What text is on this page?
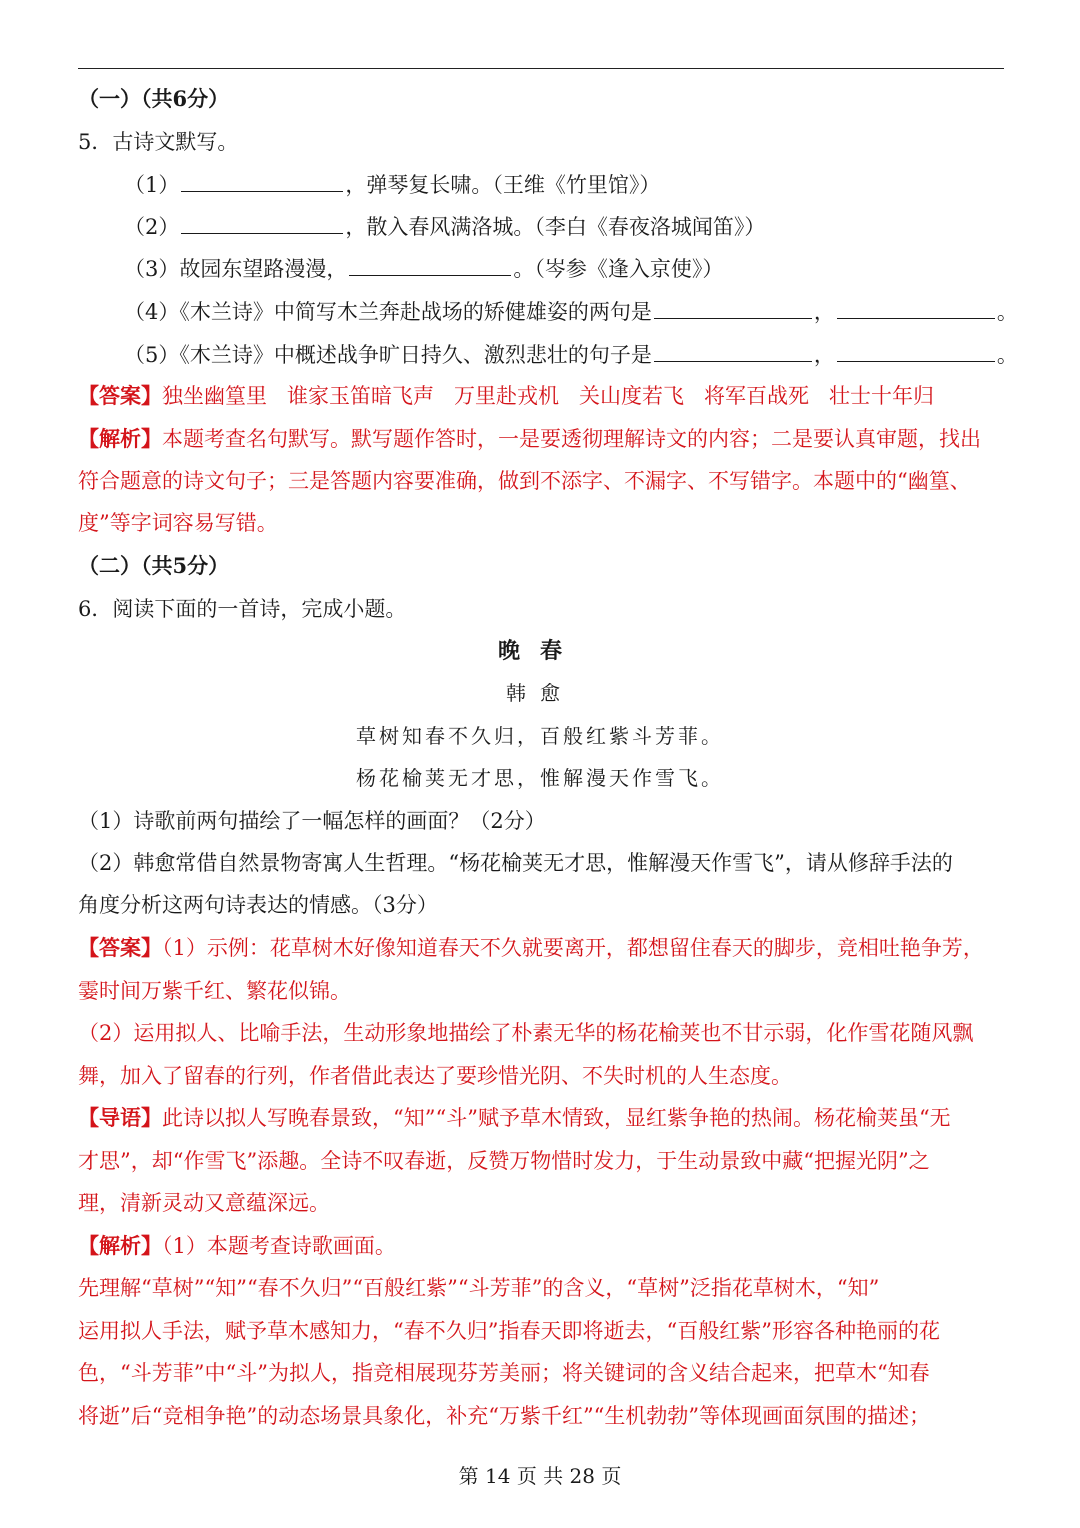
（一）（共6分）
5．古诗文默写。
（1）	，弹琴复长啸。（王维《竹里馆》）
（2）	，散入春风满洛城。（李白《春夜洛城闻笛》）
（3）故园东望路漫漫，	。（岑参《逢入京使》）
（4）《木兰诗》中简写木兰奔赴战场的矫健雄姿的两句是	，	。
（5）《木兰诗》中概述战争旷日持久、激烈悲壮的句子是	，	。
【答案】独坐幽篁里 谁家玉笛暗飞声 万里赴戎机 关山度若飞 将军百战死 壮士十年归
【解析】本题考查名句默写。默写题作答时，一是要透彻理解诗文的内容；二是要认真审题，找出
符合题意的诗文句子；三是答题内容要准确，做到不添字、不漏字、不写错字。本题中的“幽篁、
度”等字词容易写错。
（二）（共5分）
6．阅读下面的一首诗，完成小题。
晚春
韩愈
草树知春不久归，百般红紫斗芳菲。
杨花榆荚无才思，惟解漫天作雪飞。
（1）诗歌前两句描绘了一幅怎样的画面？（2分）
（2）韩愈常借自然景物寄寓人生哲理。“杨花榆荚无才思，惟解漫天作雪飞”，请从修辞手法的
角度分析这两句诗表达的情感。（3分）
【答案】（1）示例：花草树木好像知道春天不久就要离开，都想留住春天的脚步，竞相吐艳争芳，
霎时间万紫千红、繁花似锦。
（2）运用拟人、比喻手法，生动形象地描绘了朴素无华的杨花榆荚也不甘示弱，化作雪花随风飘
舞，加入了留春的行列，作者借此表达了要珍惜光阴、不失时机的人生态度。
【导语】此诗以拟人写晚春景致，“知”“斗”赋予草木情致，显红紫争艳的热闹。杨花榆荚虽“无
才思”，却“作雪飞”添趣。全诗不叹春逝，反赞万物惜时发力，于生动景致中藏“把握光阴”之
理，清新灵动又意蕴深远。
【解析】（1）本题考查诗歌画面。
先理解“草树”“知”“春不久归”“百般红紫”“斗芳菲”的含义，“草树”泛指花草树木，“知”
运用拟人手法，赋予草木感知力，“春不久归”指春天即将逝去，“百般红紫”形容各种艳丽的花
色，“斗芳菲”中“斗”为拟人，指竞相展现芬芳美丽；将关键词的含义结合起来，把草木“知春
将逝”后“竞相争艳”的动态场景具象化，补充“万紫千红”“生机勃勃”等体现画面氛围的描述；
第 14 页 共 28 页
